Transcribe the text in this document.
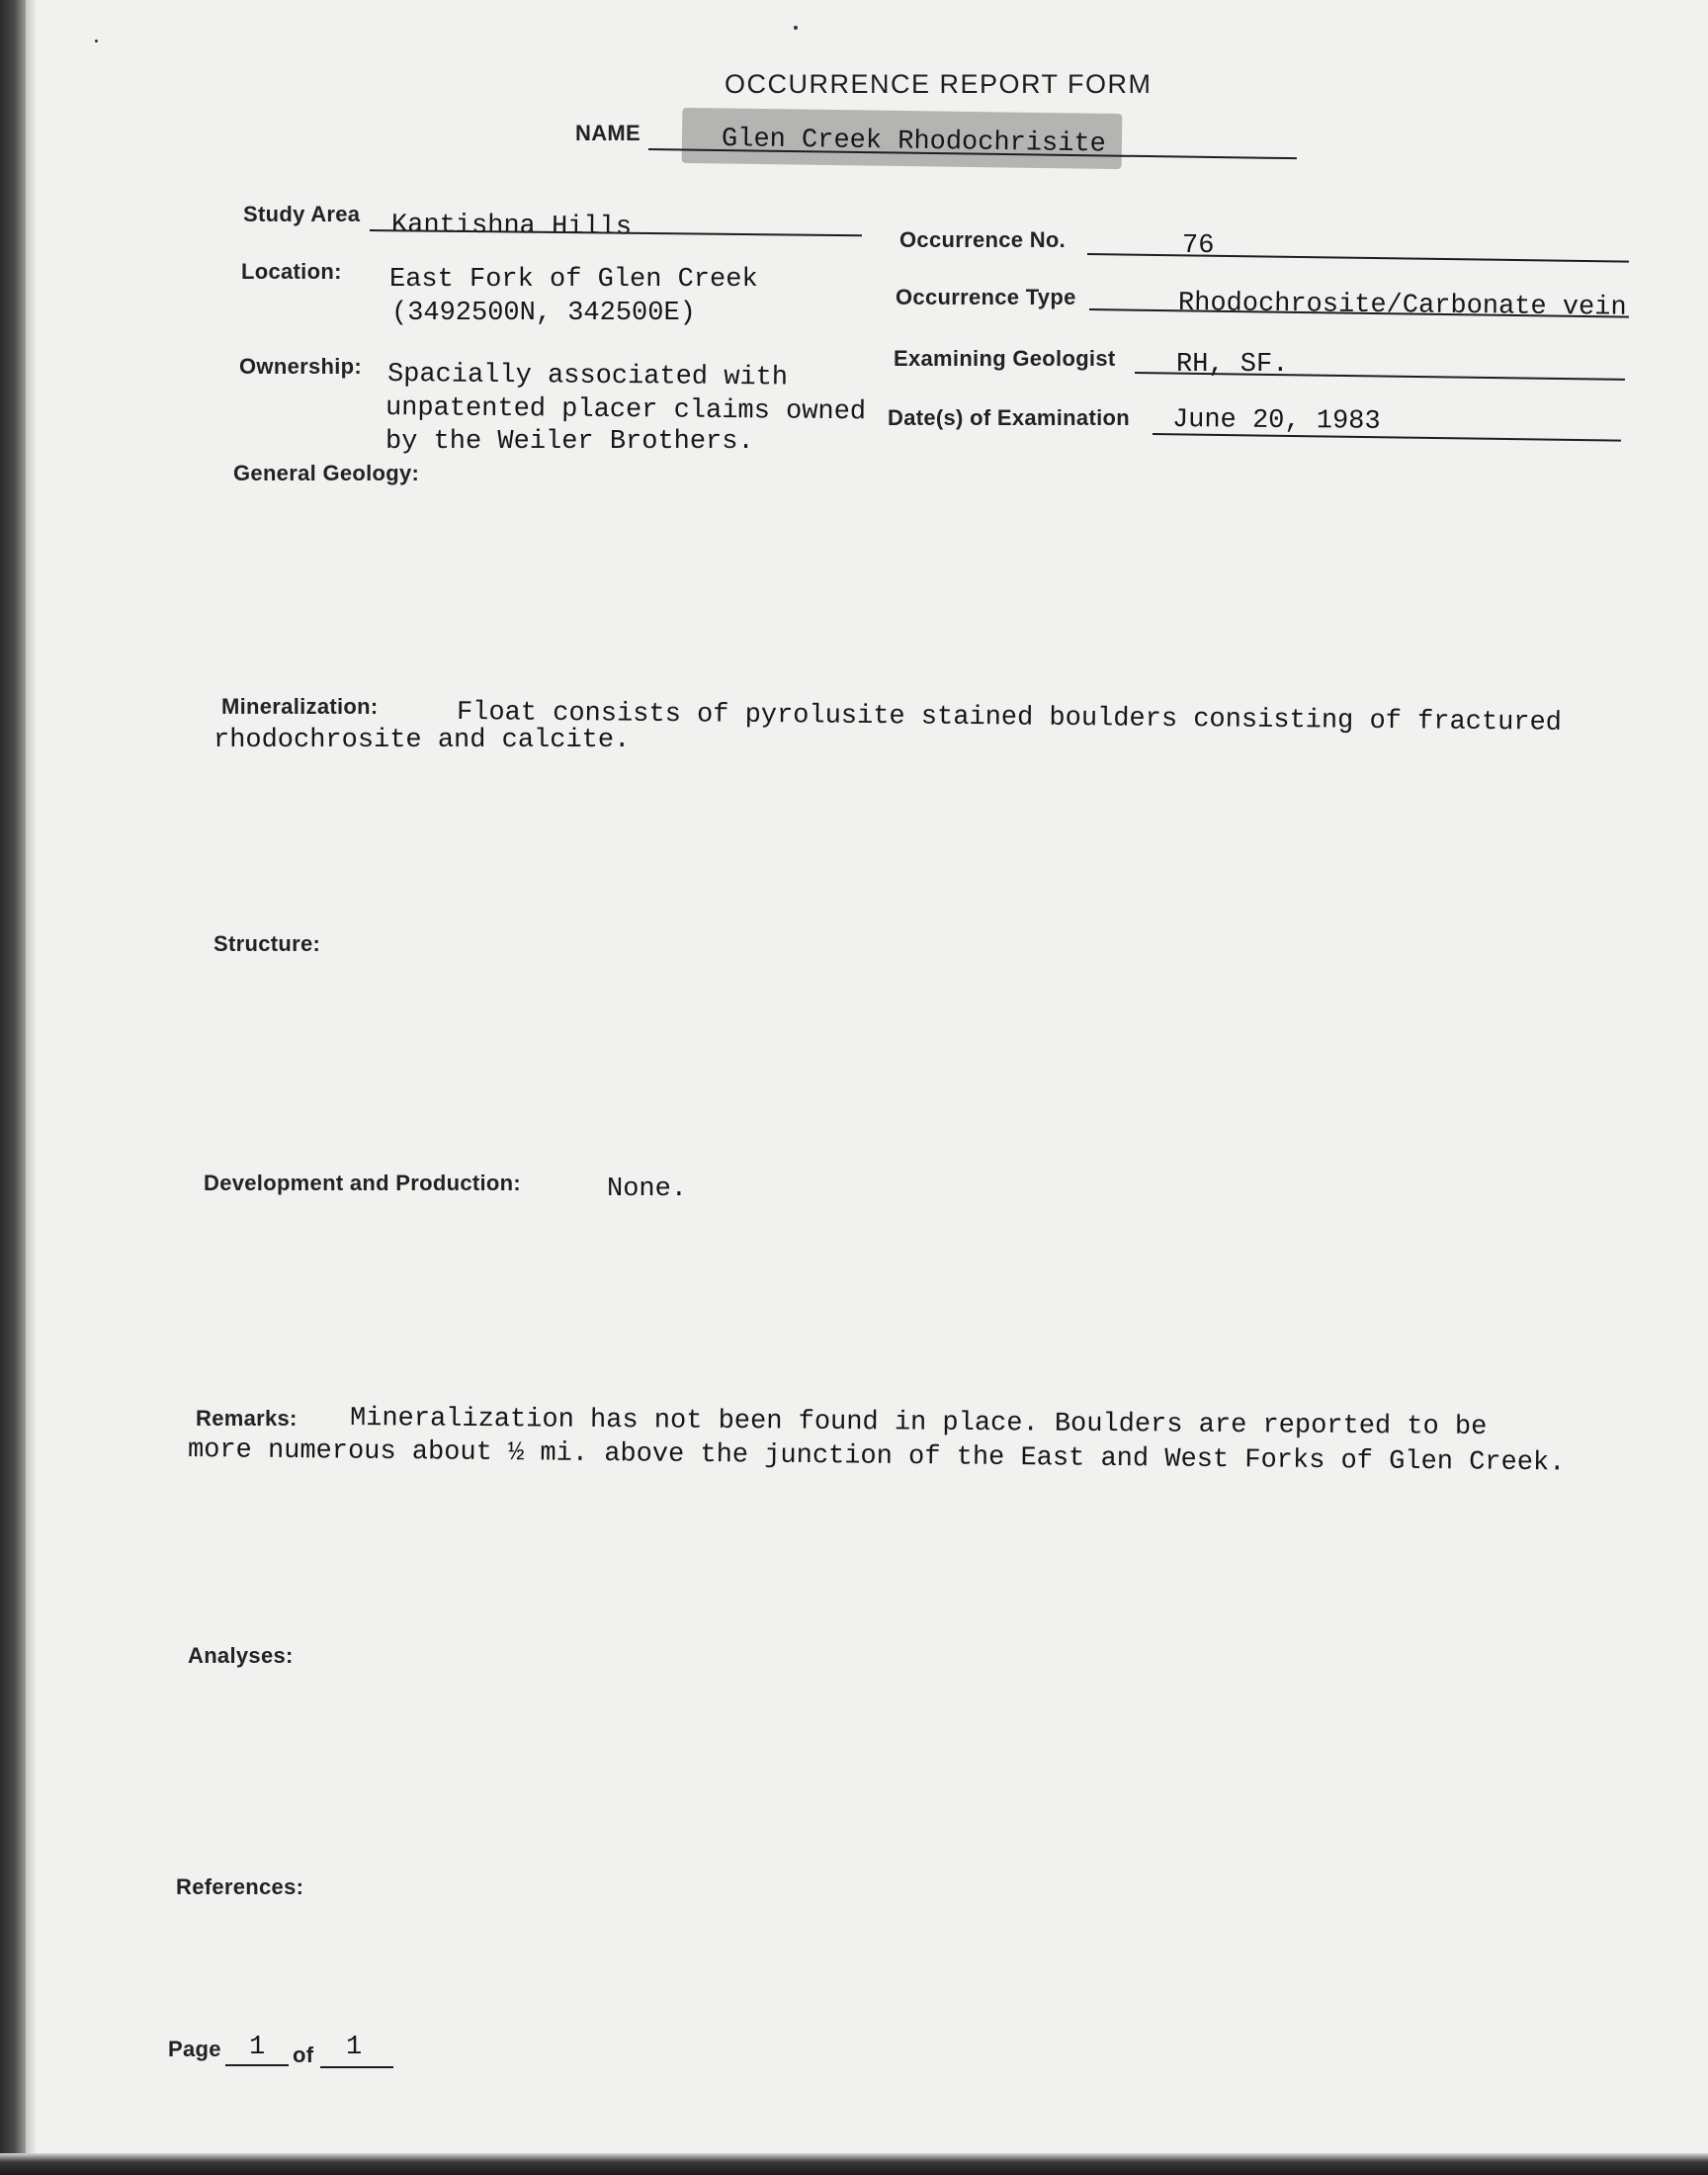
OCCURRENCE REPORT FORM
NAME	Glen Creek Rhodochrisite
Study Area Kantishna Hills
Location: East Fork of Glen Creek
(3492500N, 342500E)
Ownership: Spacially associated with
unpatented placer claims owned
by the Weiler Brothers.
Occurrence No.	76
Occurrence Type	Rhodochrosite/Carbonate vein
Examining Geologist RH, SF.
Date(s) of Examination June 20, 1983
General Geology:
Mineralization:	Float consists of pyrolusite stained boulders consisting of fractured
rhodochrosite and calcite.
Structure:
Development and Production:	None.
Remarks: Mineralization has not been found in place. Boulders are reported to be
more numerous about ½ mi. above the junction of the East and West Forks of Glen Creek.
Analyses:
References:
Page 1 of 1
